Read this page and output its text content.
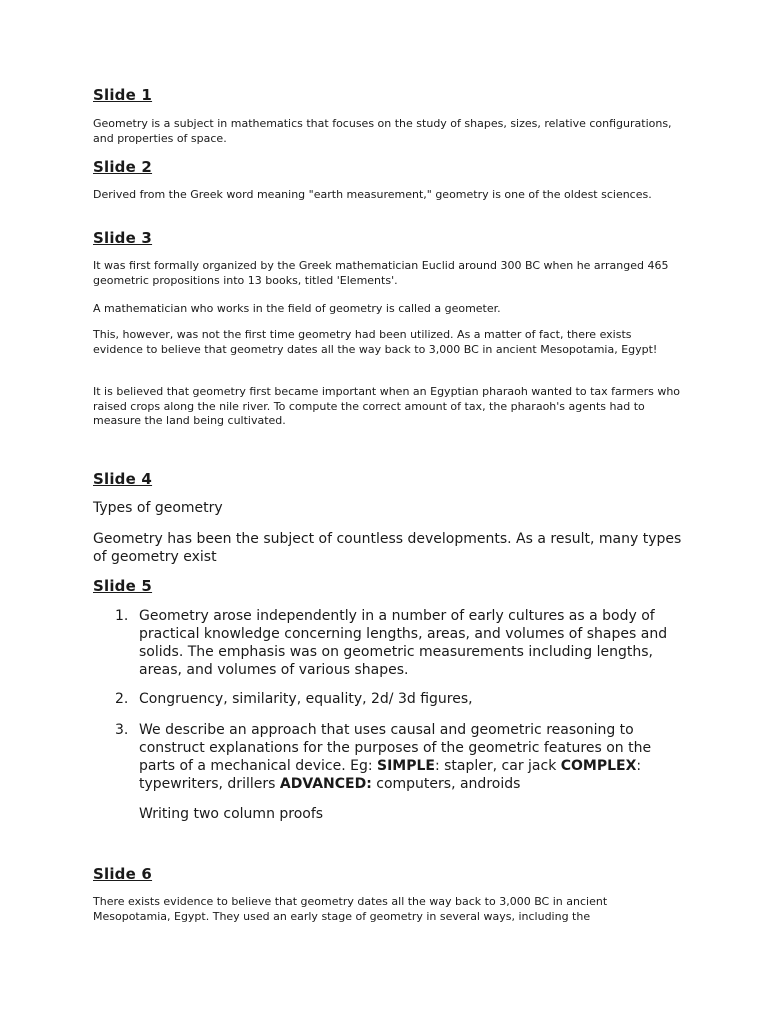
Slide 1

Geometry is a subject in mathematics that focuses on the study of shapes, sizes, relative configurations, and properties of space.

Slide 2

Derived from the Greek word meaning "earth measurement," geometry is one of the oldest sciences.

Slide 3

It was first formally organized by the Greek mathematician Euclid around 300 BC when he arranged 465 geometric propositions into 13 books, titled 'Elements'.

A mathematician who works in the field of geometry is called a geometer.

This, however, was not the first time geometry had been utilized. As a matter of fact, there exists evidence to believe that geometry dates all the way back to 3,000 BC in ancient Mesopotamia, Egypt!

It is believed that geometry first became important when an Egyptian pharaoh wanted to tax farmers who raised crops along the nile river. To compute the correct amount of tax, the pharaoh's agents had to measure the land being cultivated.

Slide 4

Types of geometry

Geometry has been the subject of countless developments. As a result, many types of geometry exist

Slide 5
1. Geometry arose independently in a number of early cultures as a body of practical knowledge concerning lengths, areas, and volumes of shapes and solids. The emphasis was on geometric measurements including lengths, areas, and volumes of various shapes.
2. Congruency, similarity, equality, 2d/ 3d figures,
3. We describe an approach that uses causal and geometric reasoning to construct explanations for the purposes of the geometric features on the parts of a mechanical device. Eg: SIMPLE: stapler, car jack COMPLEX: typewriters, drillers ADVANCED: computers, androids

Writing two column proofs

Slide 6

There exists evidence to believe that geometry dates all the way back to 3,000 BC in ancient Mesopotamia, Egypt. They used an early stage of geometry in several ways, including the
